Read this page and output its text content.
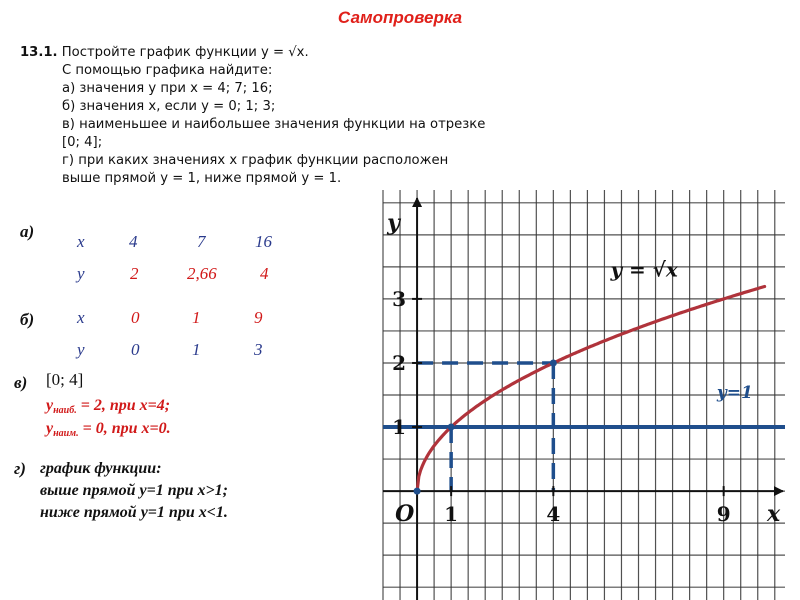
Самопроверка
13.1. Постройте график функции y = √x.
С помощью графика найдите:
а) значения y при x = 4; 7; 16;
б) значения x, если y = 0; 1; 3;
в) наименьшее и наибольшее значения функции на отрезке
[0; 4];
г) при каких значениях x график функции расположен
выше прямой y = 1, ниже прямой y = 1.
а)
x	4	7	16
y	2	2,66	4
б)	x	0	1	9
y	0	1	3
в) [0; 4]
$y_{наиб.} = 2$, при x=4;
$y_{наим.} = 0$, при x=0.
г) график функции:
выше прямой у=1 при x>1;
ниже прямой у=1 при x<1.	1	4	9
1
2
3
O	x
y
y = √x
y=1
